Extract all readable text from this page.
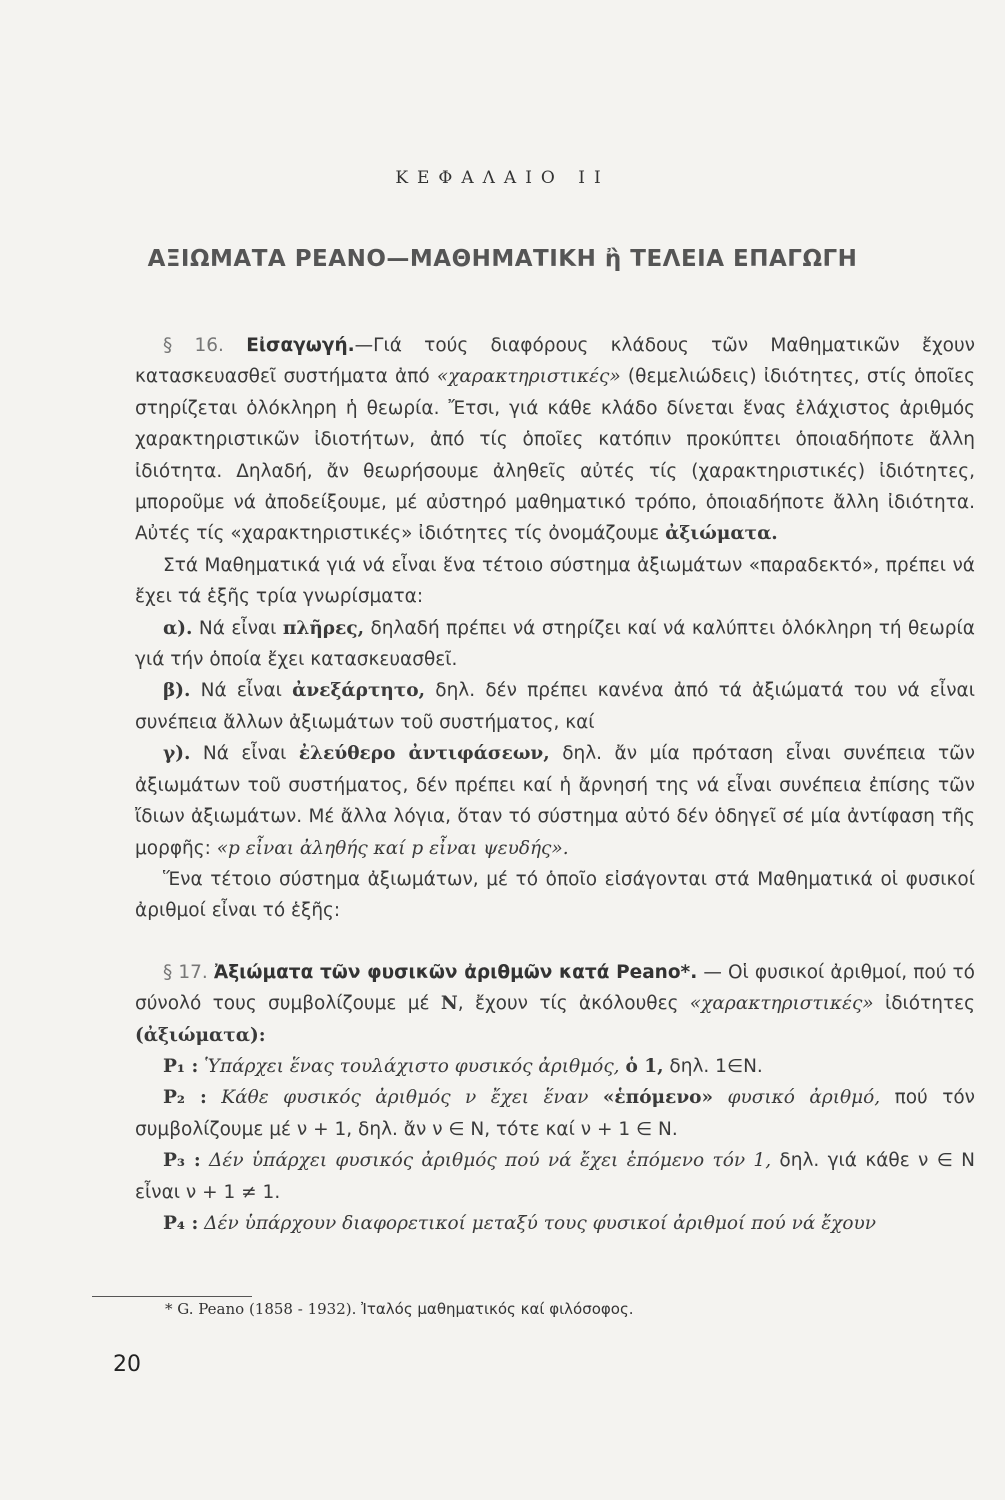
ΚΕΦΑΛΑΙΟ II
ΑΞΙΩΜΑΤΑ PEANO—ΜΑΘΗΜΑΤΙΚΗ ἢ ΤΕΛΕΙΑ ΕΠΑΓΩΓΗ

§ 16. Εἰσαγωγή.—Γιά τούς διαφόρους κλάδους τῶν Μαθηματικῶν ἔχουν κατασκευασθεῖ συστήματα ἀπό «χαρακτηριστικές» (θεμελιώδεις) ἰδιότητες, στίς ὁποῖες στηρίζεται ὁλόκληρη ἡ θεωρία. Ἔτσι, γιά κάθε κλάδο δίνεται ἕνας ἐλάχιστος ἀριθμός χαρακτηριστικῶν ἰδιοτήτων, ἀπό τίς ὁποῖες κατόπιν προκύπτει ὁποιαδήποτε ἄλλη ἰδιότητα. Δηλαδή, ἄν θεωρήσουμε ἀληθεῖς αὐτές τίς (χαρακτηριστικές) ἰδιότητες, μποροῦμε νά ἀποδείξουμε, μέ αὐστηρό μαθηματικό τρόπο, ὁποιαδήποτε ἄλλη ἰδιότητα. Αὐτές τίς «χαρακτηριστικές» ἰδιότητες τίς ὀνομάζουμε ἀξιώματα.

Στά Μαθηματικά γιά νά εἶναι ἕνα τέτοιο σύστημα ἀξιωμάτων «παραδεκτό», πρέπει νά ἔχει τά ἑξῆς τρία γνωρίσματα:

α). Νά εἶναι πλῆρες, δηλαδή πρέπει νά στηρίζει καί νά καλύπτει ὁλόκληρη τή θεωρία γιά τήν ὁποία ἔχει κατασκευασθεῖ.

β). Νά εἶναι ἀνεξάρτητο, δηλ. δέν πρέπει κανένα ἀπό τά ἀξιώματά του νά εἶναι συνέπεια ἄλλων ἀξιωμάτων τοῦ συστήματος, καί

γ). Νά εἶναι ἐλεύθερο ἀντιφάσεων, δηλ. ἄν μία πρόταση εἶναι συνέπεια τῶν ἀξιωμάτων τοῦ συστήματος, δέν πρέπει καί ἡ ἄρνησή της νά εἶναι συνέπεια ἐπίσης τῶν ἴδιων ἀξιωμάτων. Μέ ἄλλα λόγια, ὅταν τό σύστημα αὐτό δέν ὁδηγεῖ σέ μία ἀντίφαση τῆς μορφῆς: «p εἶναι ἀληθής καί p εἶναι ψευδής».

Ἕνα τέτοιο σύστημα ἀξιωμάτων, μέ τό ὁποῖο εἰσάγονται στά Μαθηματικά οἱ φυσικοί ἀριθμοί εἶναι τό ἑξῆς:

§ 17. Ἀξιώματα τῶν φυσικῶν ἀριθμῶν κατά Peano*. — Οἱ φυσικοί ἀριθμοί, πού τό σύνολό τους συμβολίζουμε μέ N, ἔχουν τίς ἀκόλουθες «χαρακτηριστικές» ἰδιότητες (ἀξιώματα):

P₁ : Ὑπάρχει ἕνας τουλάχιστο φυσικός ἀριθμός, ὁ 1, δηλ. 1∈N.

P₂ : Κάθε φυσικός ἀριθμός ν ἔχει ἕναν «ἑπόμενο» φυσικό ἀριθμό, πού τόν συμβολίζουμε μέ ν + 1, δηλ. ἄν ν ∈ N, τότε καί ν + 1 ∈ N.

P₃ : Δέν ὑπάρχει φυσικός ἀριθμός πού νά ἔχει ἑπόμενο τόν 1, δηλ. γιά κάθε ν ∈ N εἶναι ν + 1 ≠ 1.

P₄ : Δέν ὑπάρχουν διαφορετικοί μεταξύ τους φυσικοί ἀριθμοί πού νά ἔχουν

* G. Peano (1858 - 1932). Ἰταλός μαθηματικός καί φιλόσοφος.
20
